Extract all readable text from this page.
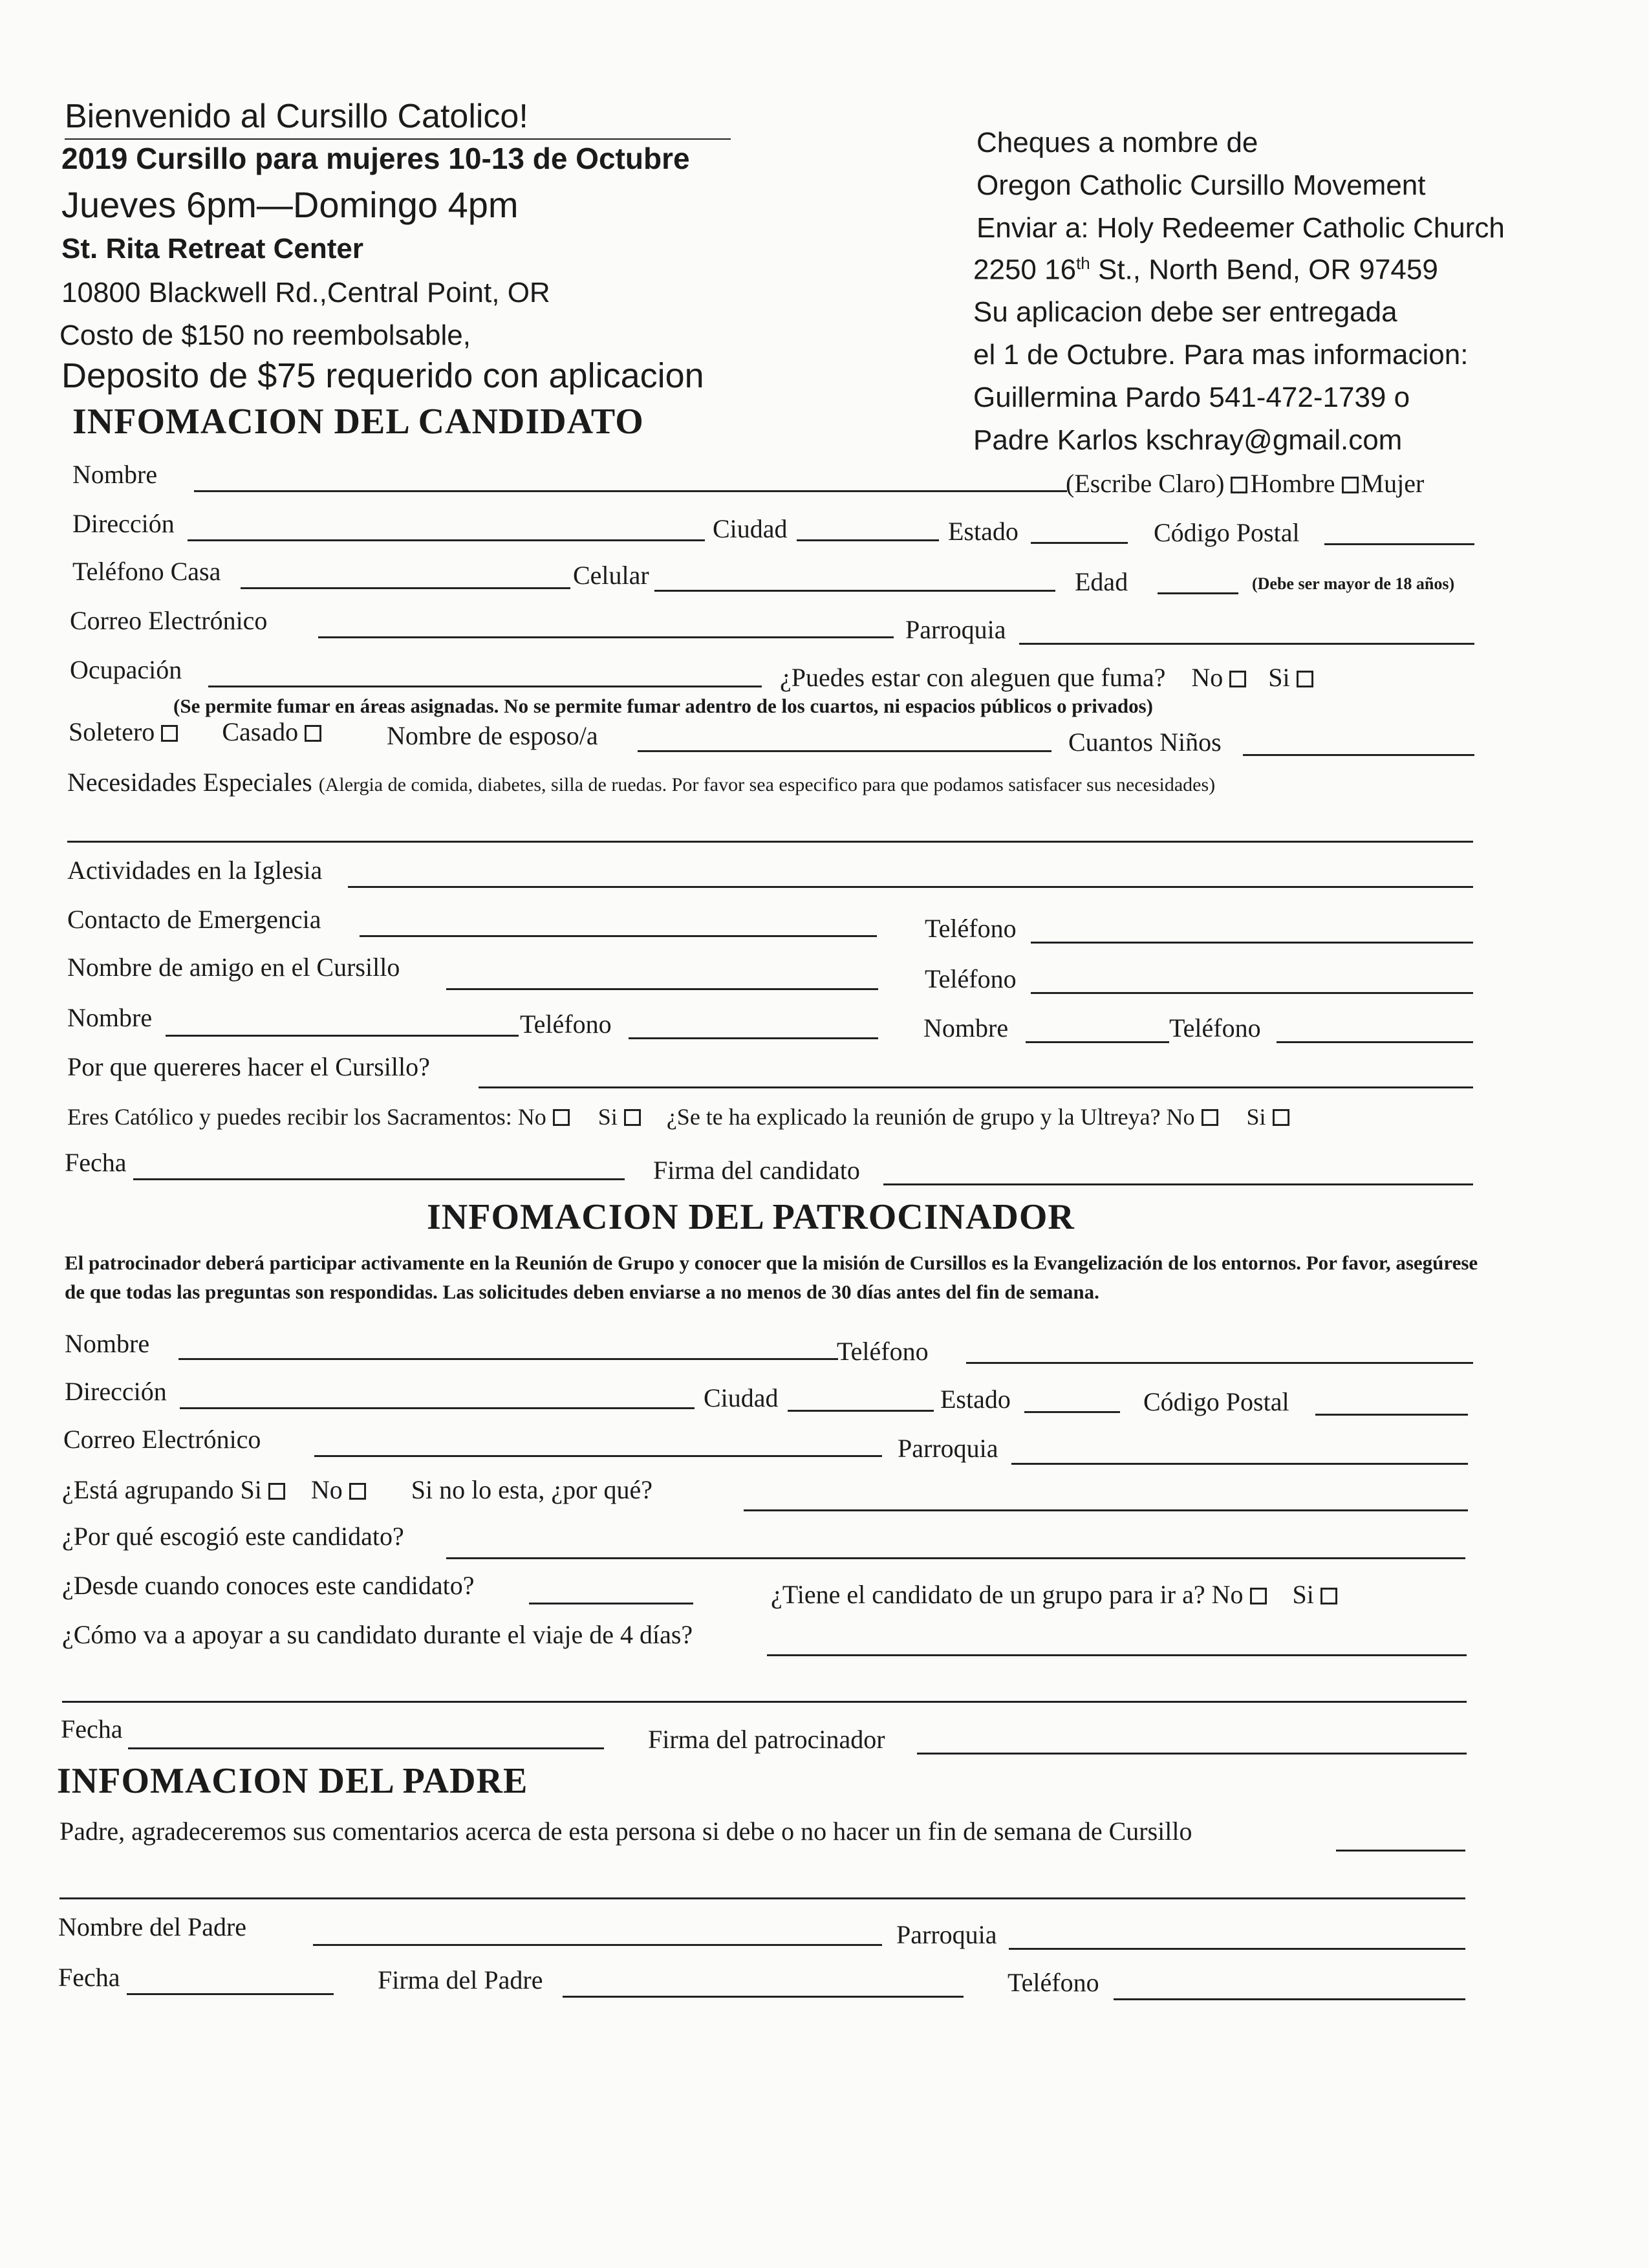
Bienvenido al Cursillo Catolico!
2019 Cursillo para mujeres 10-13 de Octubre
Jueves 6pm—Domingo 4pm
St. Rita Retreat Center
10800 Blackwell Rd.,Central Point, OR
Costo de $150 no reembolsable,
Deposito de $75 requerido con aplicacion
Cheques a nombre de
Oregon Catholic Cursillo Movement
Enviar a: Holy Redeemer Catholic Church
2250 16th St., North Bend, OR 97459
Su aplicacion debe ser entregada
el 1 de Octubre. Para mas informacion:
Guillermina Pardo 541-472-1739 o
Padre Karlos kschray@gmail.com
INFOMACION DEL CANDIDATO
Nombre	(Escribe Claro) Hombre Mujer
Dirección	Ciudad	Estado	Código Postal
Teléfono Casa	Celular	Edad	(Debe ser mayor de 18 años)
Correo Electrónico	Parroquia
Ocupación	¿Puedes estar con aleguen que fuma? No Si
(Se permite fumar en áreas asignadas. No se permite fumar adentro de los cuartos, ni espacios públicos o privados)
Soletero	Casado	Nombre de esposo/a	Cuantos Niños
Necesidades Especiales (Alergia de comida, diabetes, silla de ruedas. Por favor sea especifico para que podamos satisfacer sus necesidades)
Actividades en la Iglesia
Contacto de Emergencia	Teléfono
Nombre de amigo en el Cursillo	Teléfono
Nombre	Teléfono	Nombre	Teléfono
Por que quereres hacer el Cursillo?
Eres Católico y puedes recibir los Sacramentos: No Si ¿Se te ha explicado la reunión de grupo y la Ultreya? No Si
Fecha	Firma del candidato
INFOMACION DEL PATROCINADOR
El patrocinador deberá participar activamente en la Reunión de Grupo y conocer que la misión de Cursillos es la Evangelización de los entornos. Por favor, asegúrese de que todas las preguntas son respondidas. Las solicitudes deben enviarse a no menos de 30 días antes del fin de semana.
Nombre	Teléfono
Dirección	Ciudad	Estado	Código Postal
Correo Electrónico	Parroquia
¿Está agrupando Si No	Si no lo esta, ¿por qué?
¿Por qué escogió este candidato?
¿Desde cuando conoces este candidato?	¿Tiene el candidato de un grupo para ir a? No Si
¿Cómo va a apoyar a su candidato durante el viaje de 4 días?
Fecha	Firma del patrocinador
INFOMACION DEL PADRE
Padre, agradeceremos sus comentarios acerca de esta persona si debe o no hacer un fin de semana de Cursillo
Nombre del Padre	Parroquia
Fecha	Firma del Padre	Teléfono
